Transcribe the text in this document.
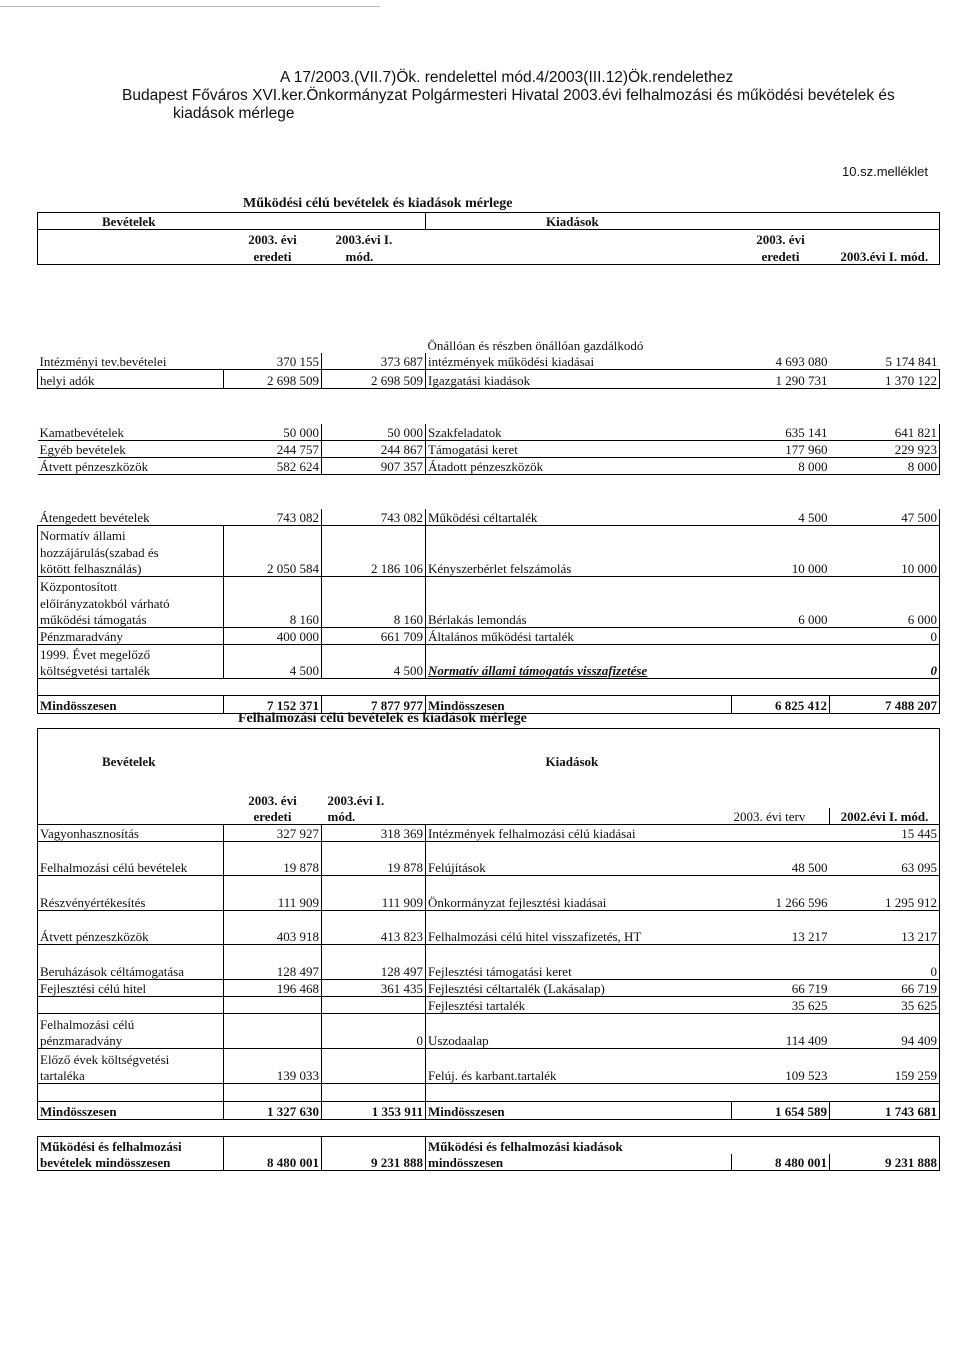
A 17/2003.(VII.7)Ök. rendelettel mód.4/2003(III.12)Ök.rendelethez
Budapest Főváros XVI.ker.Önkormányzat Polgármesteri Hivatal 2003.évi felhalmozási és működési bevételek és
kiadások mérlege
10.sz.melléklet
Működési célú bevételek és kiadások mérlege
Bevételek			Kiadások		
	2003. évi	2003.évi I.		2003. évi	
	eredeti	mód.		eredeti	2003.évi I. mód.

			Önállóan és részben önállóan gazdálkodó		
Intézményi tev.bevételei	370 155	373 687	intézmények működési kiadásai	4 693 080	5 174 841
helyi adók	2 698 509	2 698 509	Igazgatási kiadások	1 290 731	1 370 122

Kamatbevételek	50 000	50 000	Szakfeladatok	635 141	641 821
Egyéb bevételek	244 757	244 867	Támogatási keret	177 960	229 923
Átvett pénzeszközök	582 624	907 357	Átadott pénzeszközök	8 000	8 000

Átengedett bevételek	743 082	743 082	Működési céltartalék	4 500	47 500
Normatív állami					
hozzájárulás(szabad és					
kötött felhasználás)	2 050 584	2 186 106	Kényszerbérlet felszámolás	10 000	10 000
Központosított					
előirányzatokból várható					
működési támogatás	8 160	8 160	Bérlakás lemondás	6 000	6 000
Pénzmaradvány	400 000	661 709	Általános működési tartalék		0
1999. Évet megelőző					
költségvetési tartalék	4 500	4 500	Normatív állami támogatás visszafizetése		0

Mindösszesen	7 152 371	7 877 977	Mindösszesen	6 825 412	7 488 207
Felhalmozási célú bevételek és kiadások mérlege
Bevételek			Kiadások		

	2003. évi	2003.évi I.			
	eredeti	mód.		2003. évi terv	2002.évi I. mód.
Vagyonhasznosítás	327 927	318 369	Intézmények felhalmozási célú kiadásai		15 445

Felhalmozási célú bevételek	19 878	19 878	Felújítások	48 500	63 095

Részvényértékesítés	111 909	111 909	Önkormányzat fejlesztési kiadásai	1 266 596	1 295 912

Átvett pénzeszközök	403 918	413 823	Felhalmozási célú hitel visszafizetés, HT	13 217	13 217

Beruházások céltámogatása	128 497	128 497	Fejlesztési támogatási keret		0
Fejlesztési célú hitel	196 468	361 435	Fejlesztési céltartalék (Lakásalap)	66 719	66 719
			Fejlesztési tartalék	35 625	35 625
Felhalmozási célú					
pénzmaradvány		0	Uszodaalap	114 409	94 409
Előző évek költségvetési					
tartaléka	139 033		Felúj. és karbant.tartalék	109 523	159 259

Mindösszesen	1 327 630	1 353 911	Mindösszesen	1 654 589	1 743 681

Működési és felhalmozási			Működési és felhalmozási kiadások		
bevételek mindösszesen	8 480 001	9 231 888	mindösszesen	8 480 001	9 231 888
